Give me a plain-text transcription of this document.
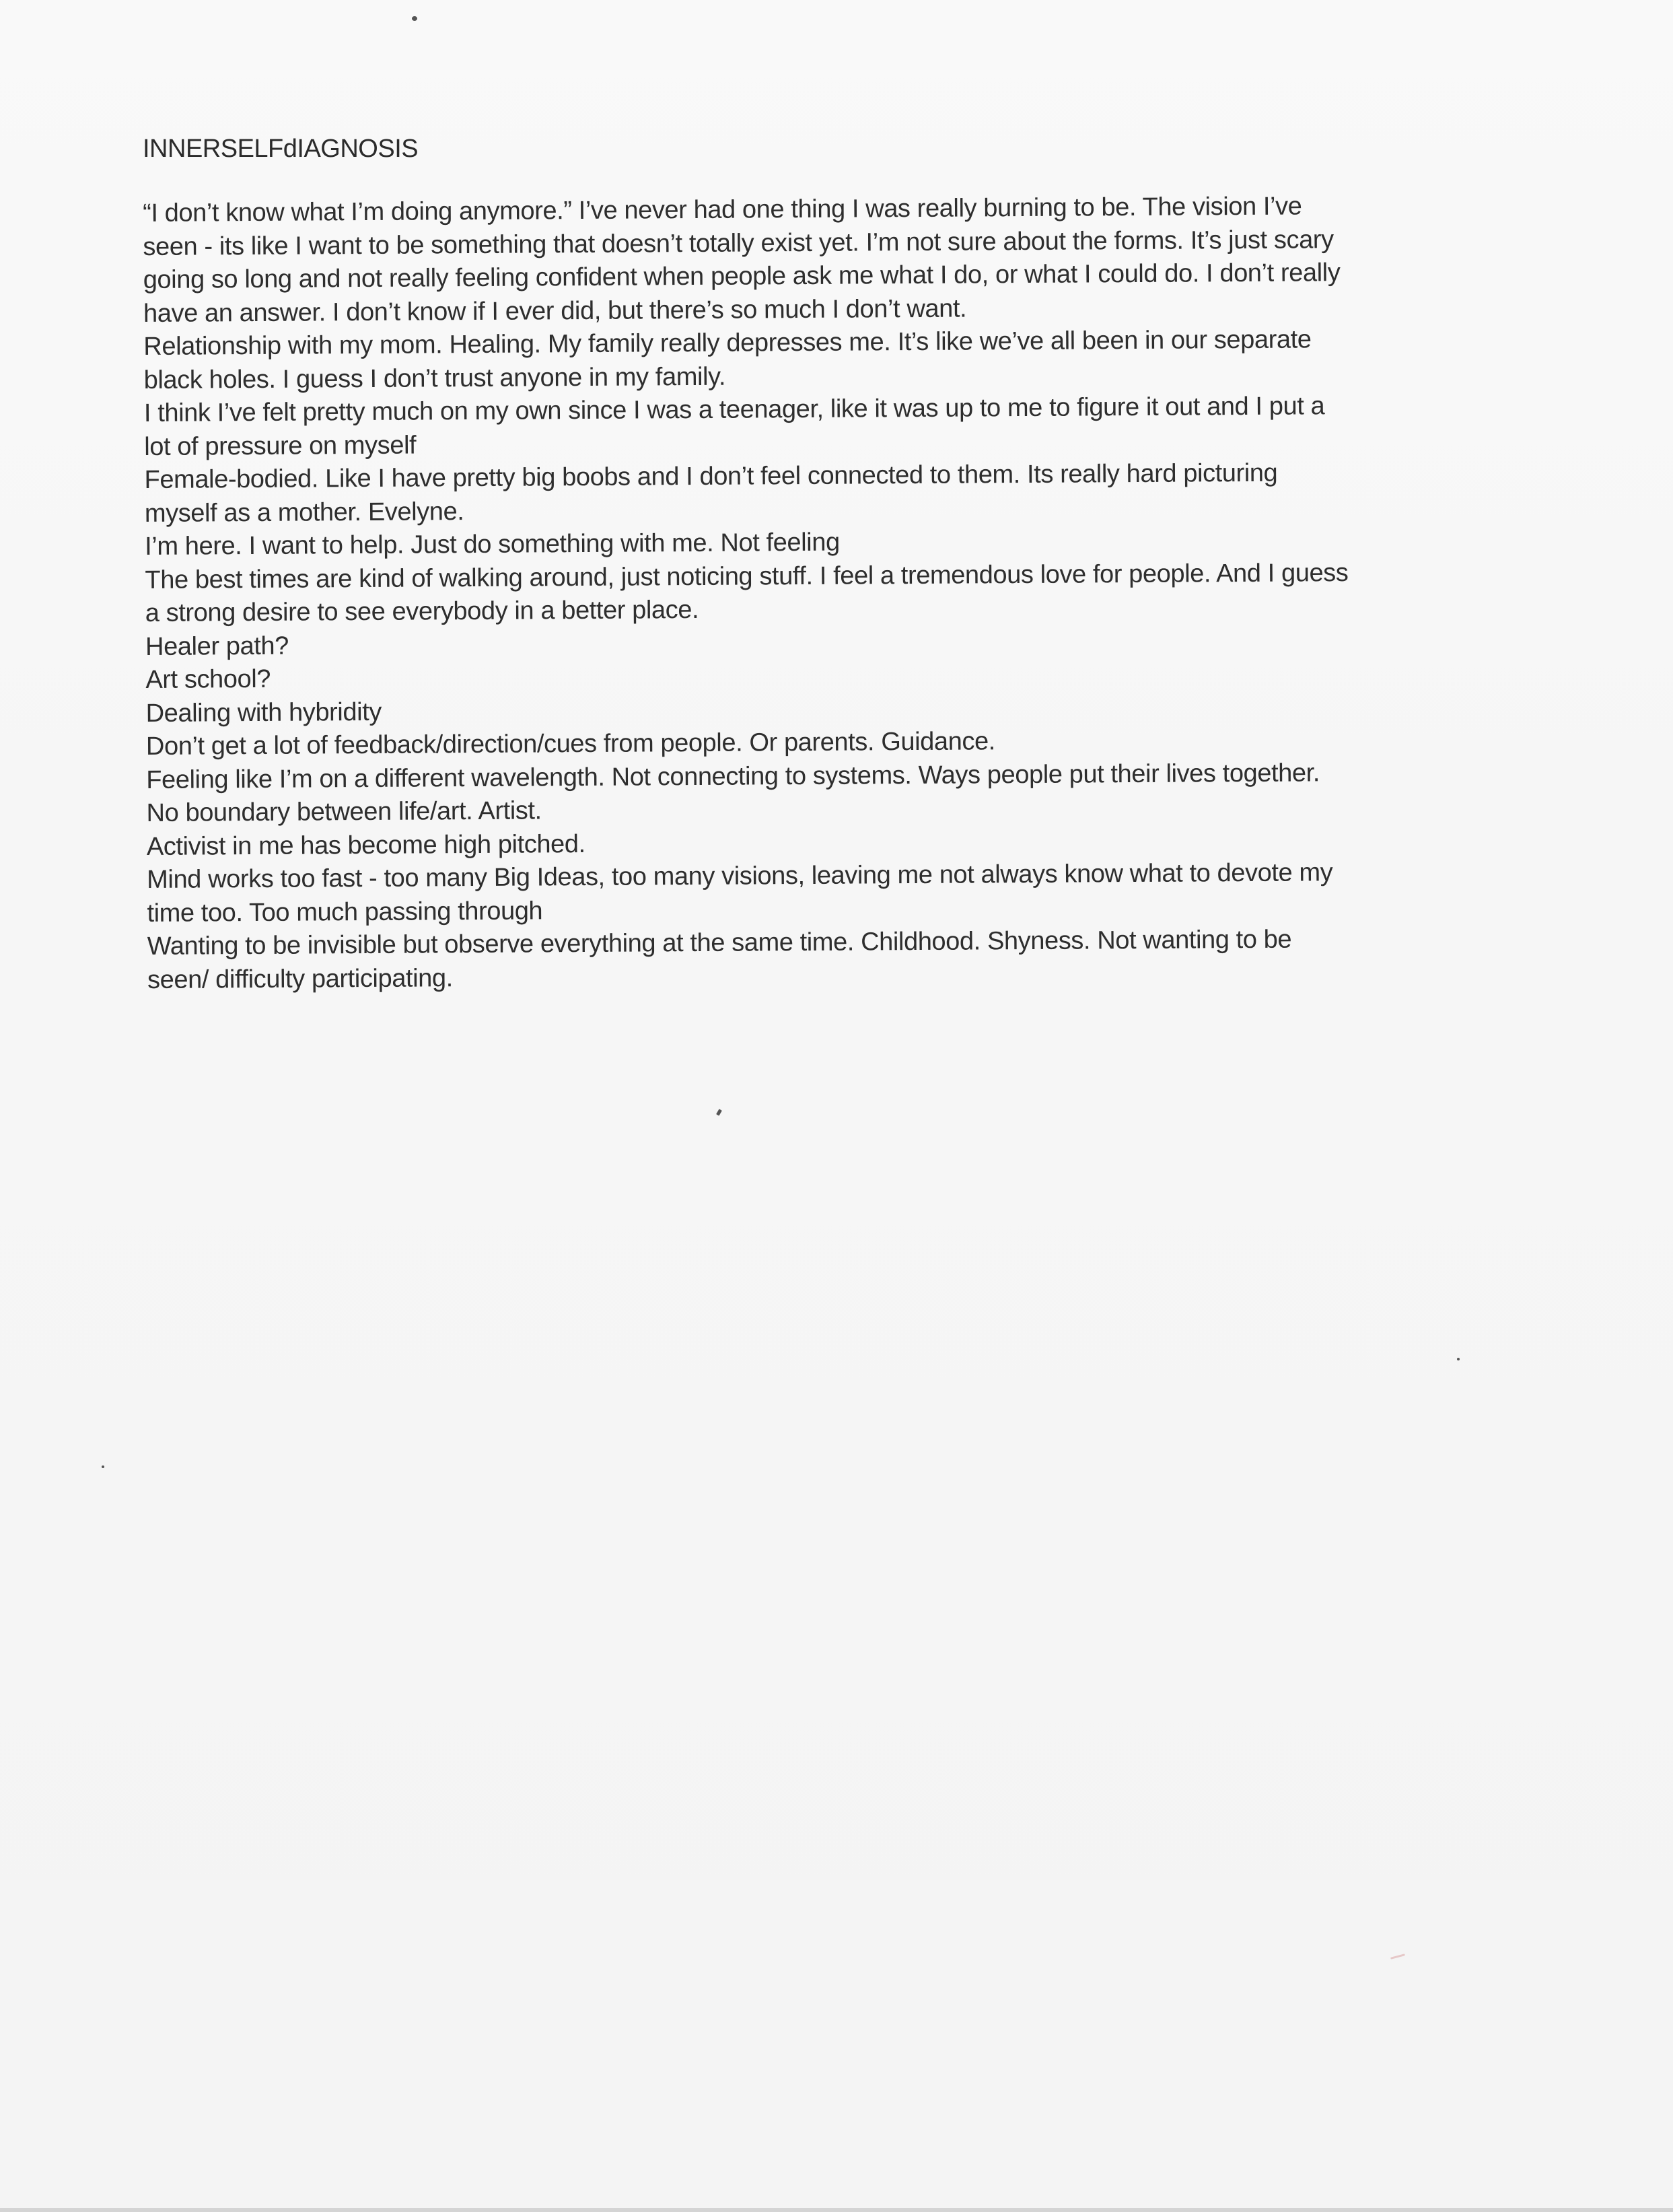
INNERSELFdIAGNOSIS

“I don’t know what I’m doing anymore.” I’ve never had one thing I was really burning to be. The vision I’ve

seen - its like I want to be something that doesn’t totally exist yet. I’m not sure about the forms. It’s just scary

going so long and not really feeling confident when people ask me what I do, or what I could do. I don’t really

have an answer. I don’t know if I ever did, but there’s so much I don’t want.

Relationship with my mom. Healing. My family really depresses me. It’s like we’ve all been in our separate

black holes. I guess I don’t trust anyone in my family.

I think I’ve felt pretty much on my own since I was a teenager, like it was up to me to figure it out and I put a

lot of pressure on myself

Female-bodied. Like I have pretty big boobs and I don’t feel connected to them. Its really hard picturing

myself as a mother. Evelyne.

I’m here. I want to help. Just do something with me. Not feeling

The best times are kind of walking around, just noticing stuff. I feel a tremendous love for people. And I guess

a strong desire to see everybody in a better place.

Healer path?

Art school?

Dealing with hybridity

Don’t get a lot of feedback/direction/cues from people. Or parents. Guidance.

Feeling like I’m on a different wavelength. Not connecting to systems. Ways people put their lives together.

No boundary between life/art. Artist.

Activist in me has become high pitched.

Mind works too fast - too many Big Ideas, too many visions, leaving me not always know what to devote my

time too. Too much passing through

Wanting to be invisible but observe everything at the same time. Childhood. Shyness. Not wanting to be

seen/ difficulty participating.
